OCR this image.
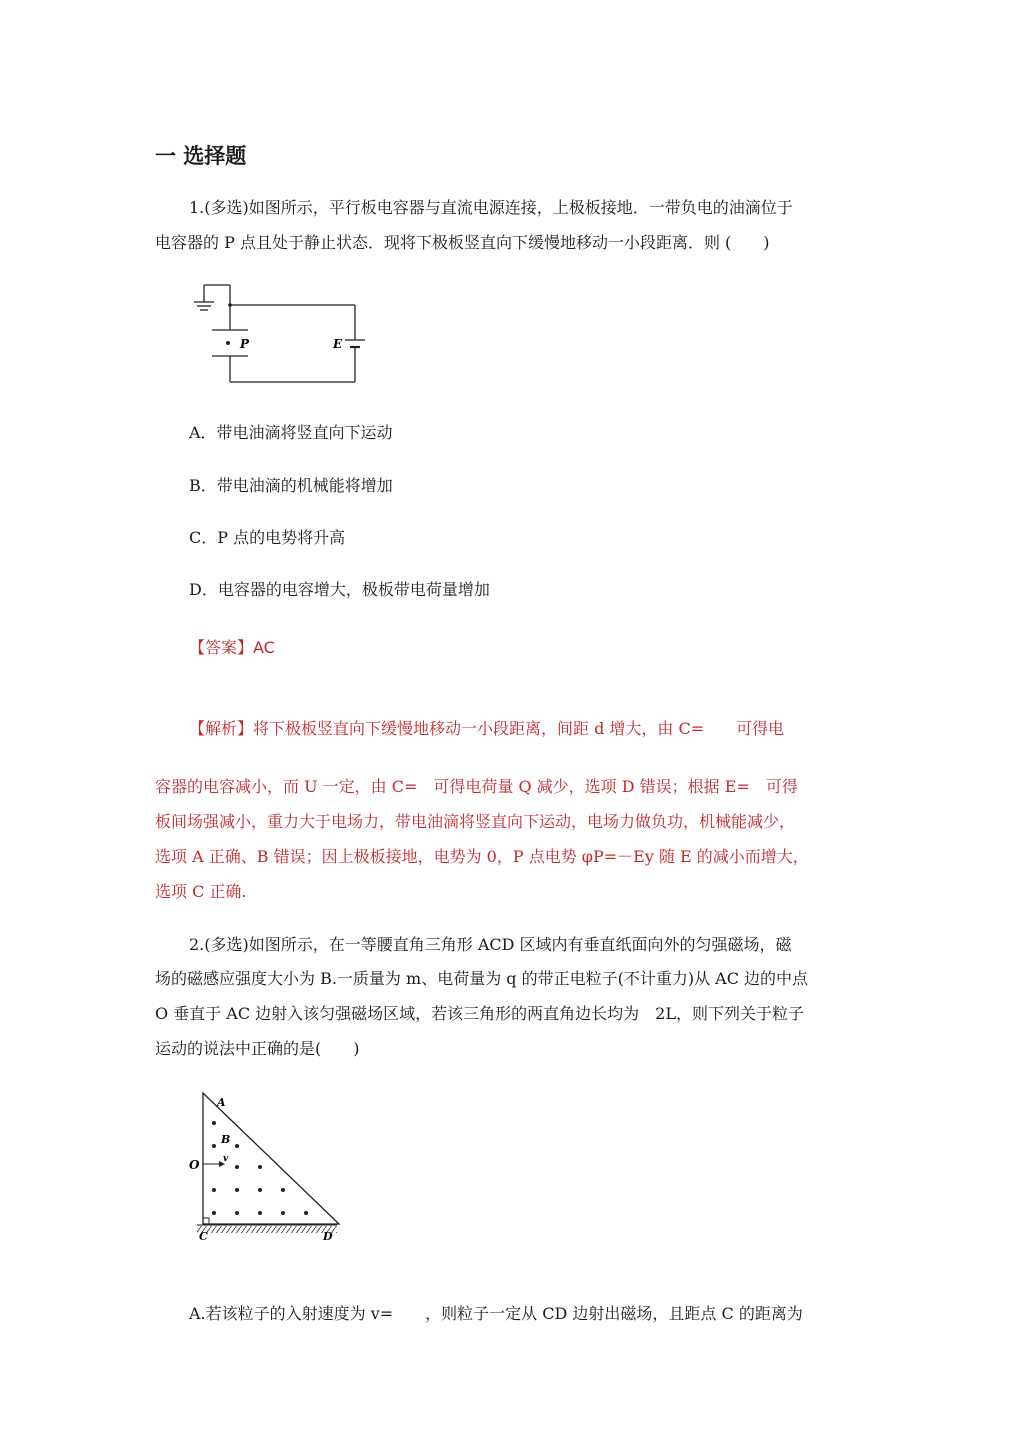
一 选择题
1.(多选)如图所示，平行板电容器与直流电源连接，上极板接地．一带负电的油滴位于
电容器的 P 点且处于静止状态．现将下极板竖直向下缓慢地移动一小段距离．则 (　　)
P	E
A．带电油滴将竖直向下运动
B．带电油滴的机械能将增加
C．P 点的电势将升高
D．电容器的电容增大，极板带电荷量增加
【答案】AC
【解析】将下极板竖直向下缓慢地移动一小段距离，间距 d 增大，由 C=　　可得电
容器的电容减小，而 U 一定，由 C=　可得电荷量 Q 减少，选项 D 错误；根据 E=　可得
板间场强减小，重力大于电场力，带电油滴将竖直向下运动，电场力做负功，机械能减少，
选项 A 正确、B 错误；因上极板接地，电势为 0，P 点电势 φP=－Ey 随 E 的减小而增大，
选项 C 正确.
2.(多选)如图所示，在一等腰直角三角形 ACD 区域内有垂直纸面向外的匀强磁场，磁
场的磁感应强度大小为 B.一质量为 m、电荷量为 q 的带正电粒子(不计重力)从 AC 边的中点
O 垂直于 AC 边射入该匀强磁场区域，若该三角形的两直角边长均为　2L，则下列关于粒子
运动的说法中正确的是(　　)
A
B
O	v
C	D
A.若该粒子的入射速度为 v=　　，则粒子一定从 CD 边射出磁场，且距点 C 的距离为
